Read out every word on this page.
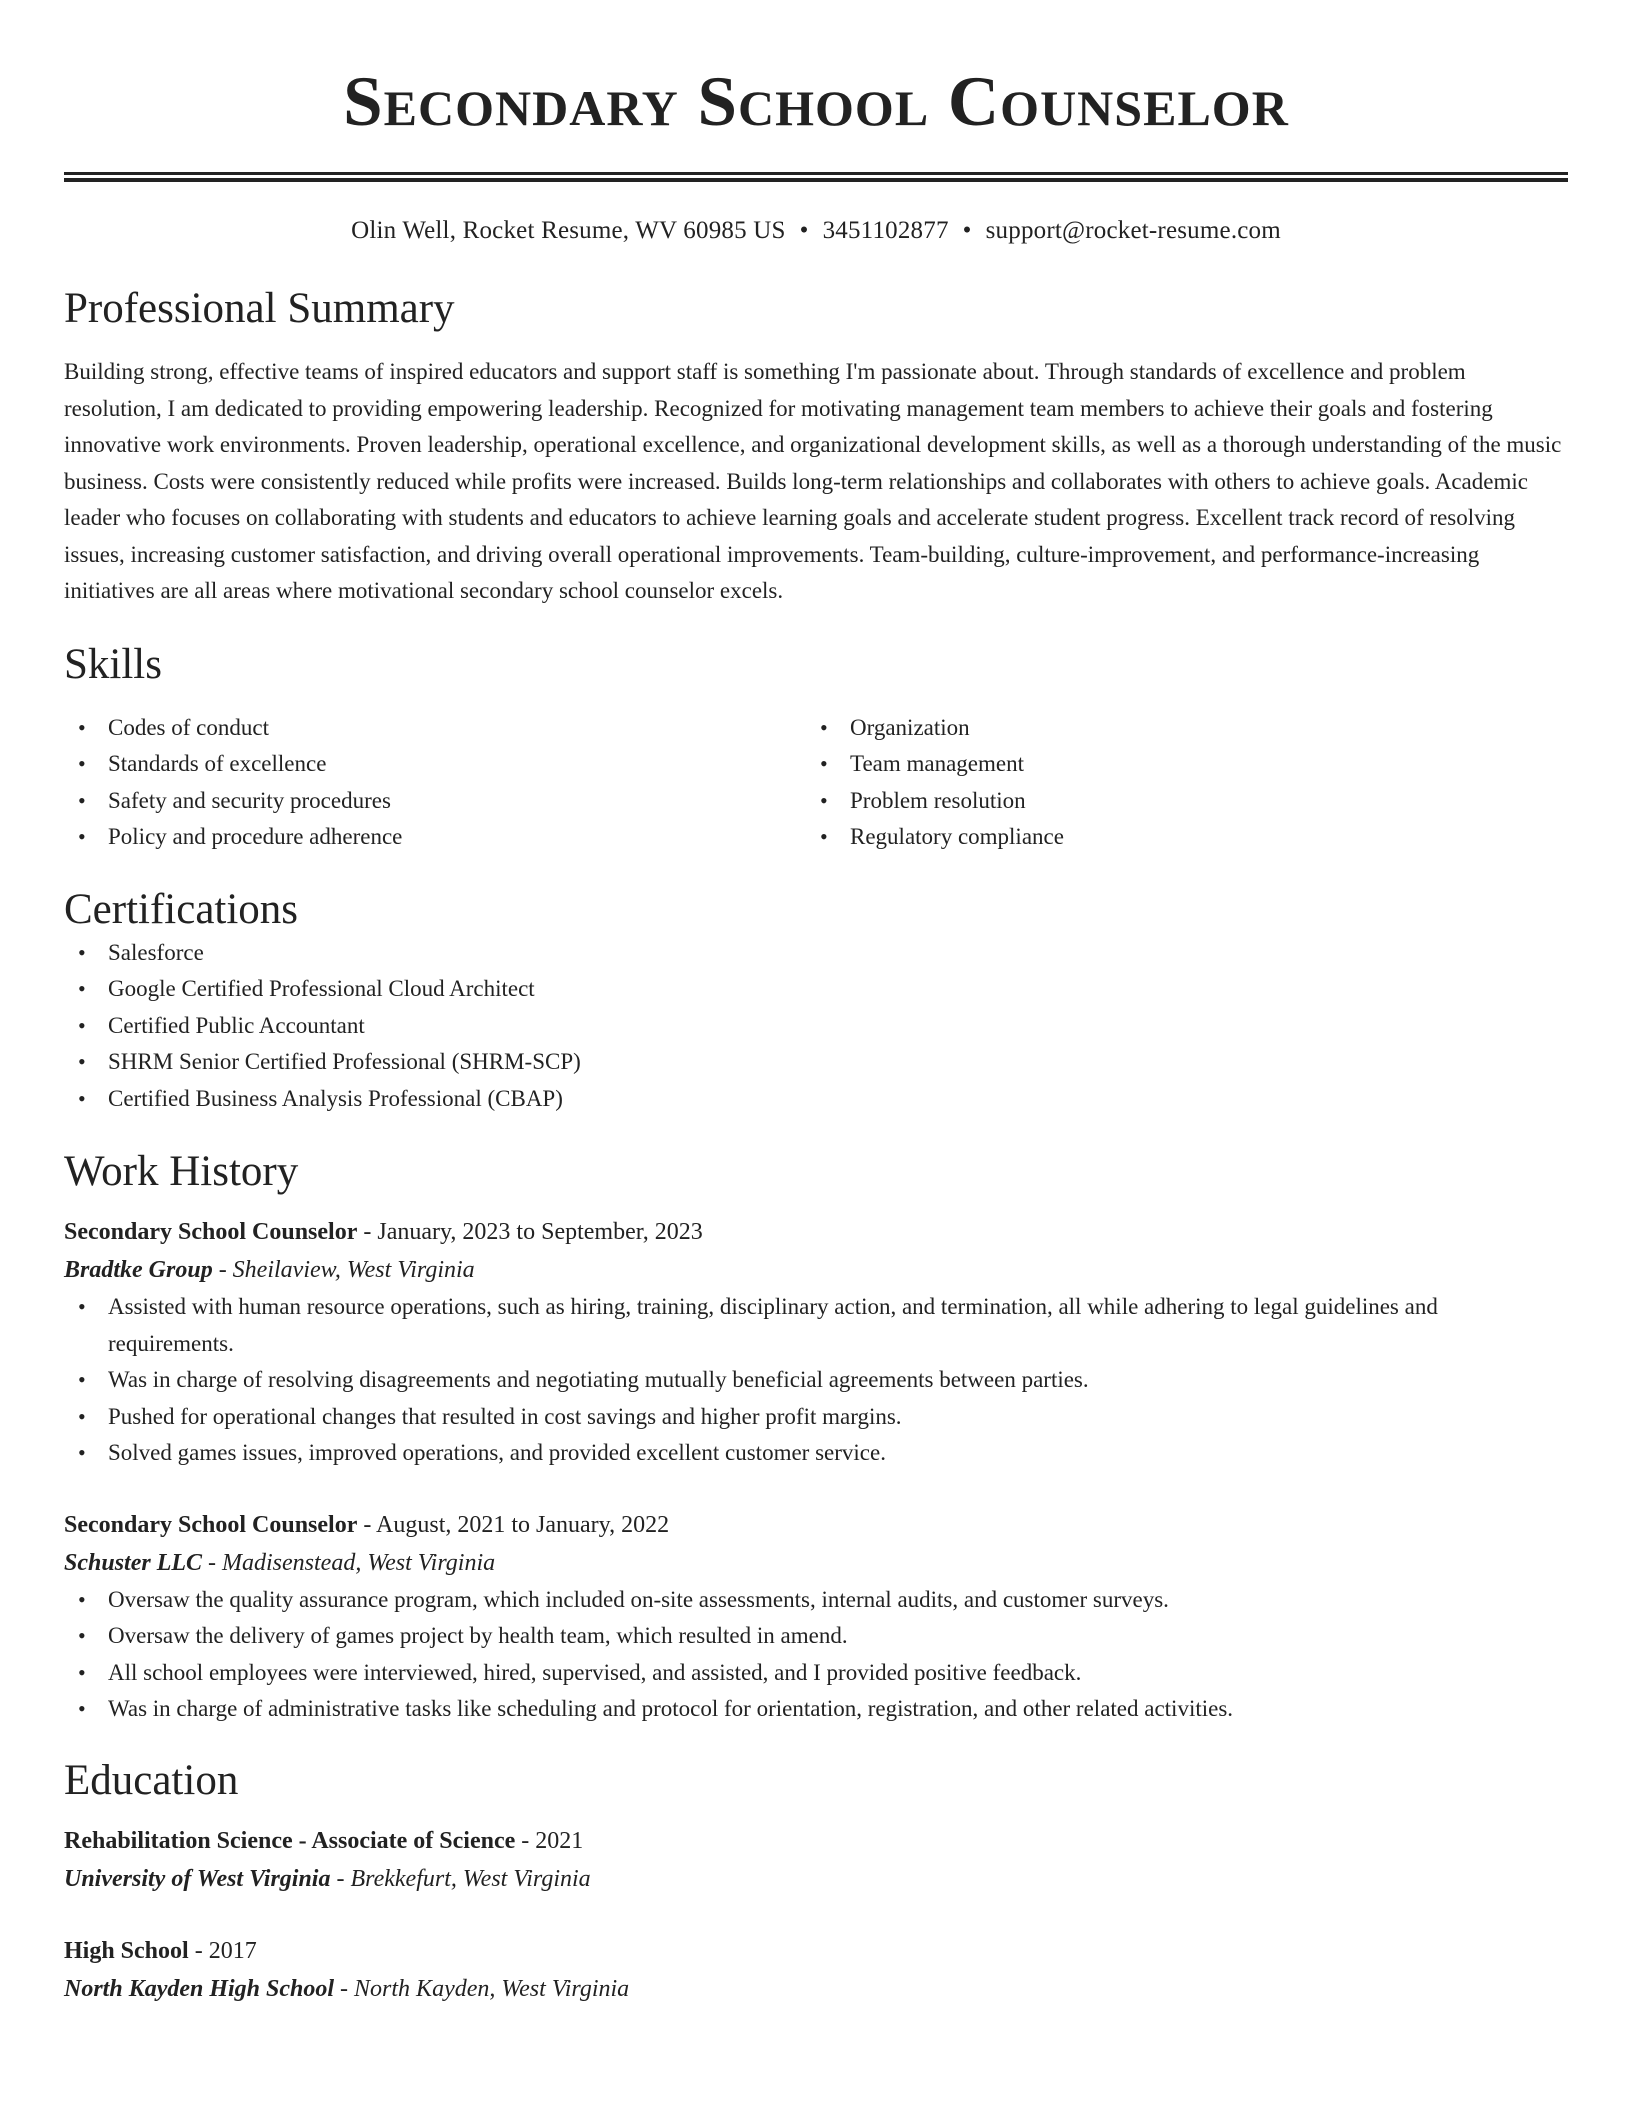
Secondary School Counselor
Olin Well, Rocket Resume, WV 60985 US • 3451102877 • support@rocket-resume.com
Professional Summary

Building strong, effective teams of inspired educators and support staff is something I'm passionate about. Through standards of excellence and problem resolution, I am dedicated to providing empowering leadership. Recognized for motivating management team members to achieve their goals and fostering innovative work environments. Proven leadership, operational excellence, and organizational development skills, as well as a thorough understanding of the music business. Costs were consistently reduced while profits were increased. Builds long-term relationships and collaborates with others to achieve goals. Academic leader who focuses on collaborating with students and educators to achieve learning goals and accelerate student progress. Excellent track record of resolving issues, increasing customer satisfaction, and driving overall operational improvements. Team-building, culture-improvement, and performance-increasing initiatives are all areas where motivational secondary school counselor excels.

Skills
• Codes of conduct
• Standards of excellence
• Safety and security procedures
• Policy and procedure adherence
• Organization
• Team management
• Problem resolution
• Regulatory compliance
Certifications
• Salesforce
• Google Certified Professional Cloud Architect
• Certified Public Accountant
• SHRM Senior Certified Professional (SHRM-SCP)
• Certified Business Analysis Professional (CBAP)
Work History
Secondary School Counselor - January, 2023 to September, 2023
Bradtke Group - Sheilaview, West Virginia
• Assisted with human resource operations, such as hiring, training, disciplinary action, and termination, all while adhering to legal guidelines and requirements.
• Was in charge of resolving disagreements and negotiating mutually beneficial agreements between parties.
• Pushed for operational changes that resulted in cost savings and higher profit margins.
• Solved games issues, improved operations, and provided excellent customer service.
Secondary School Counselor - August, 2021 to January, 2022
Schuster LLC - Madisenstead, West Virginia
• Oversaw the quality assurance program, which included on-site assessments, internal audits, and customer surveys.
• Oversaw the delivery of games project by health team, which resulted in amend.
• All school employees were interviewed, hired, supervised, and assisted, and I provided positive feedback.
• Was in charge of administrative tasks like scheduling and protocol for orientation, registration, and other related activities.
Education
Rehabilitation Science - Associate of Science - 2021
University of West Virginia - Brekkefurt, West Virginia
High School - 2017
North Kayden High School - North Kayden, West Virginia
